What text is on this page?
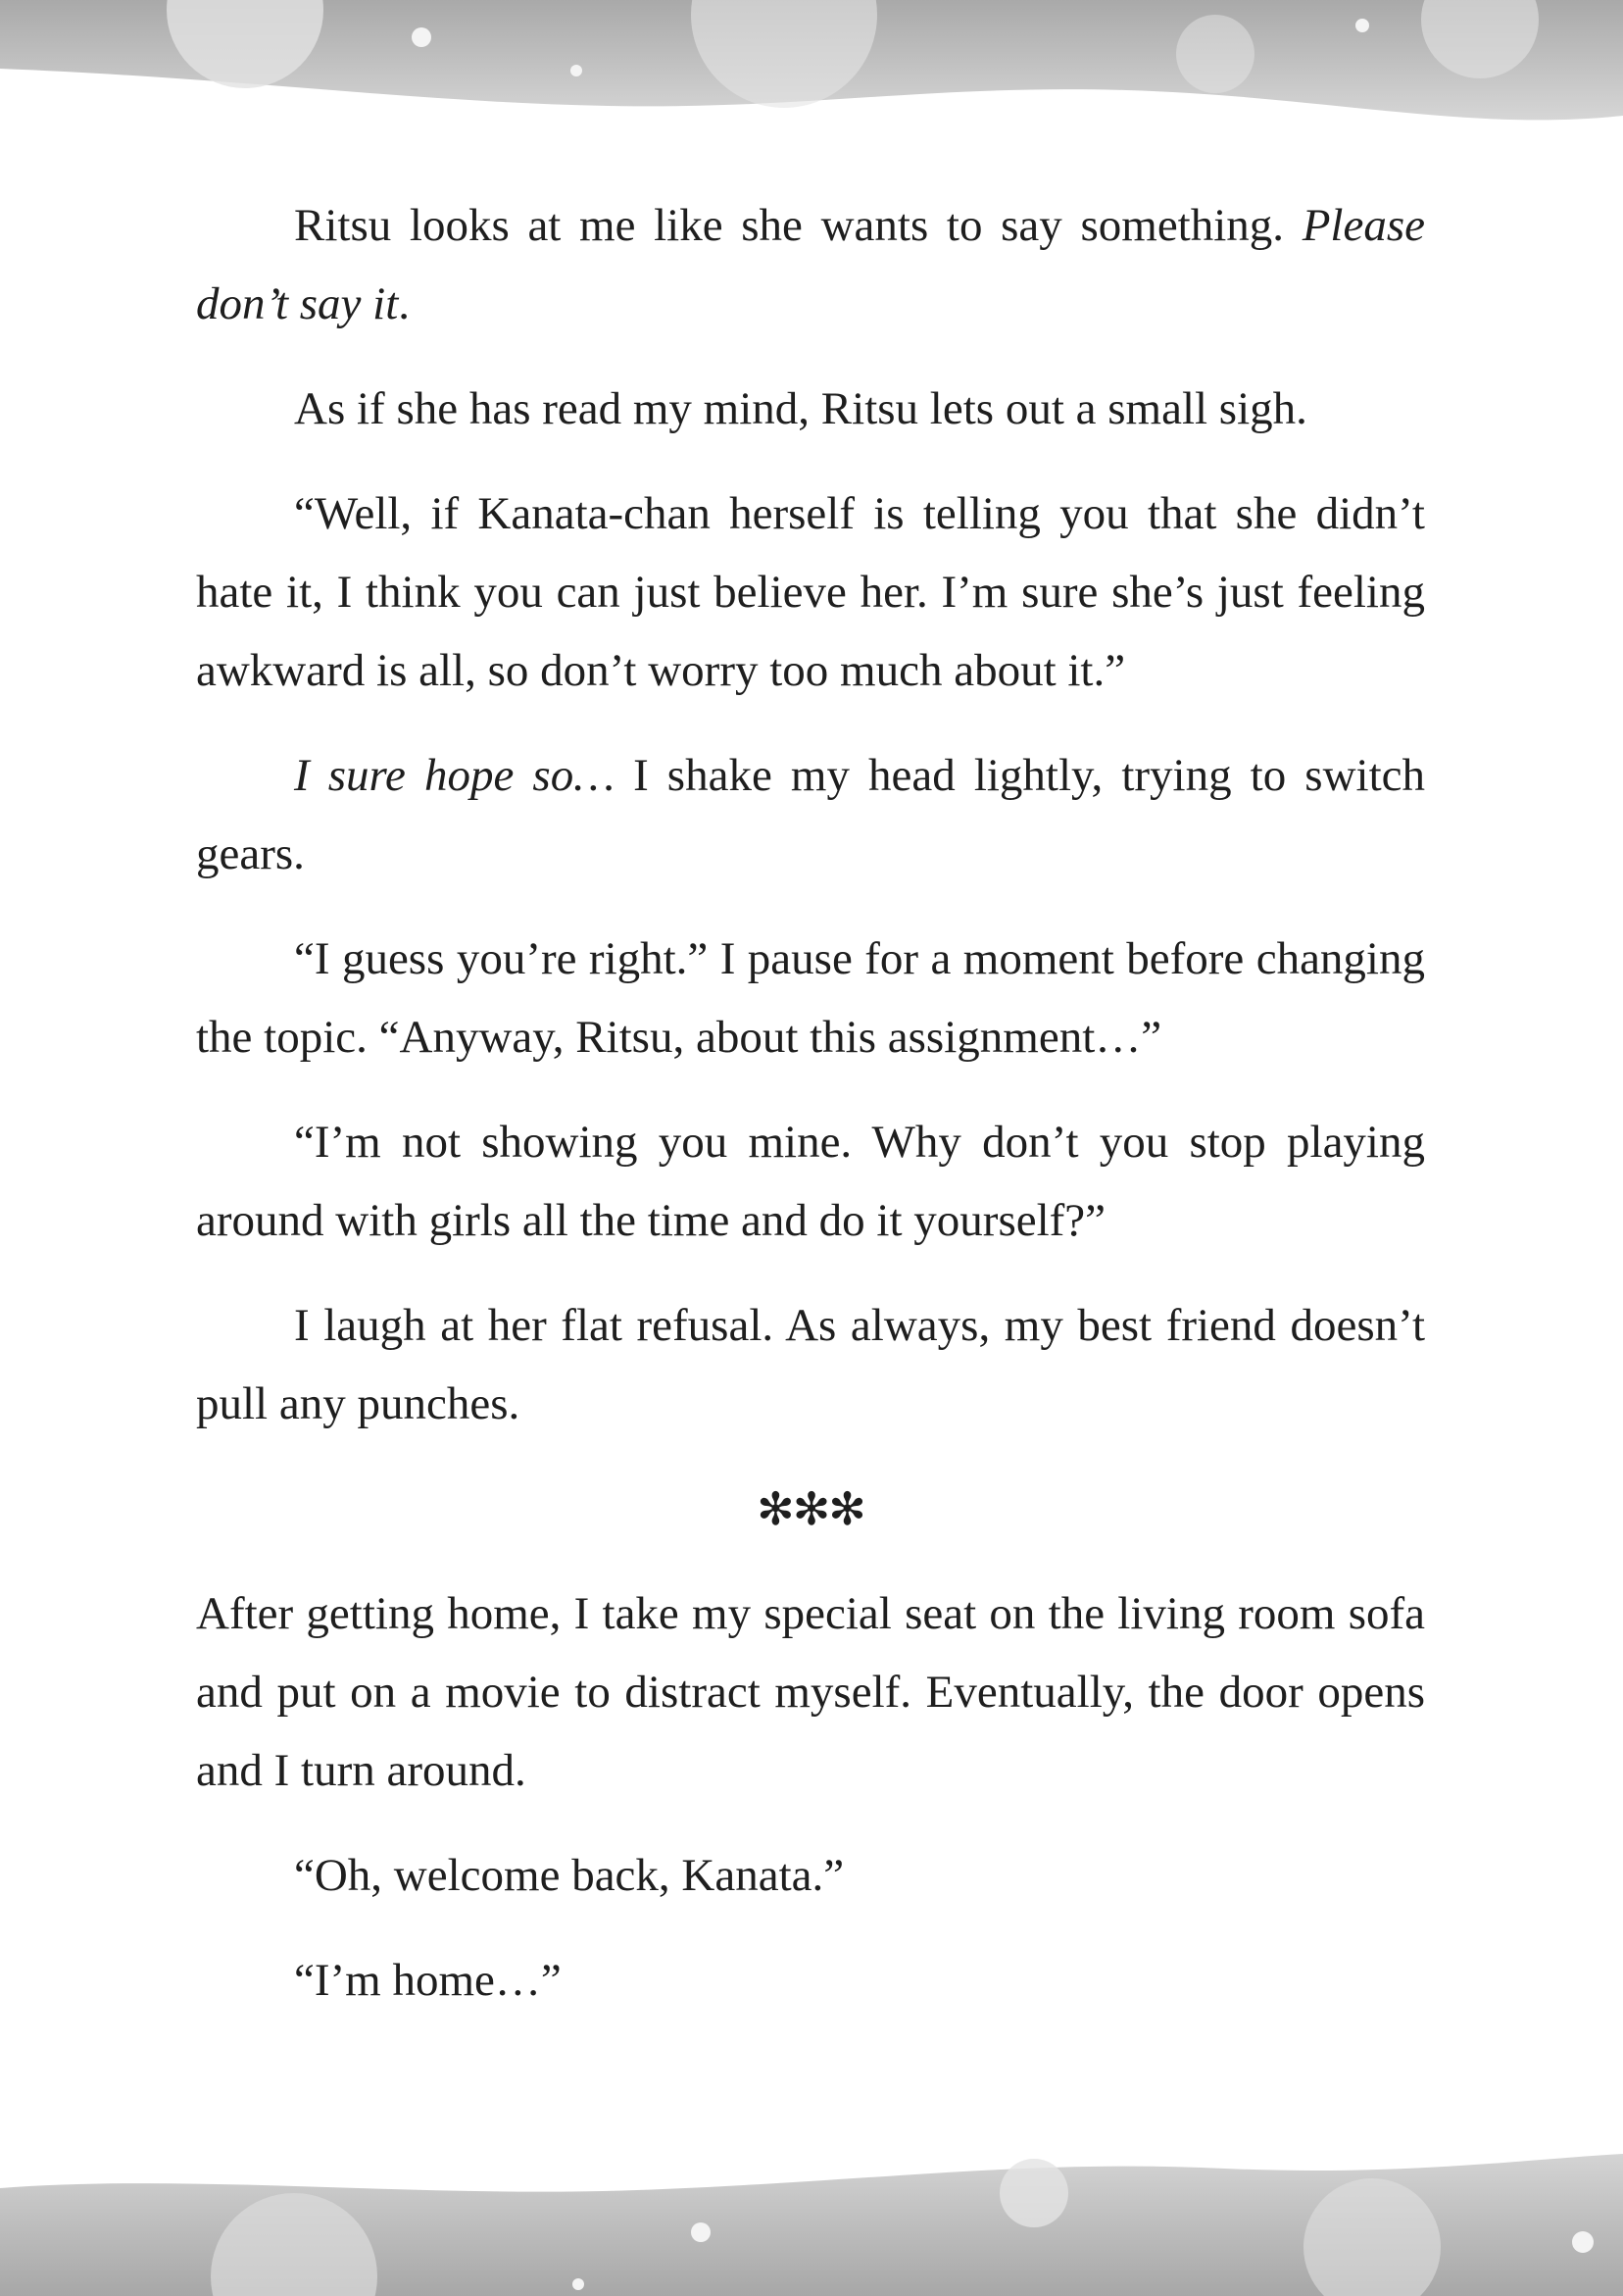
Ritsu looks at me like she wants to say something. Please don’t say it.

As if she has read my mind, Ritsu lets out a small sigh.

“Well, if Kanata-chan herself is telling you that she didn’t hate it, I think you can just believe her. I’m sure she’s just feeling awkward is all, so don’t worry too much about it.”

I sure hope so… I shake my head lightly, trying to switch gears.

“I guess you’re right.” I pause for a moment before changing the topic. “Anyway, Ritsu, about this assignment…”

“I’m not showing you mine. Why don’t you stop playing around with girls all the time and do it yourself?”

I laugh at her flat refusal. As always, my best friend doesn’t pull any punches.

✻✻✻

After getting home, I take my special seat on the living room sofa and put on a movie to distract myself. Eventually, the door opens and I turn around.

“Oh, welcome back, Kanata.”

“I’m home…”
